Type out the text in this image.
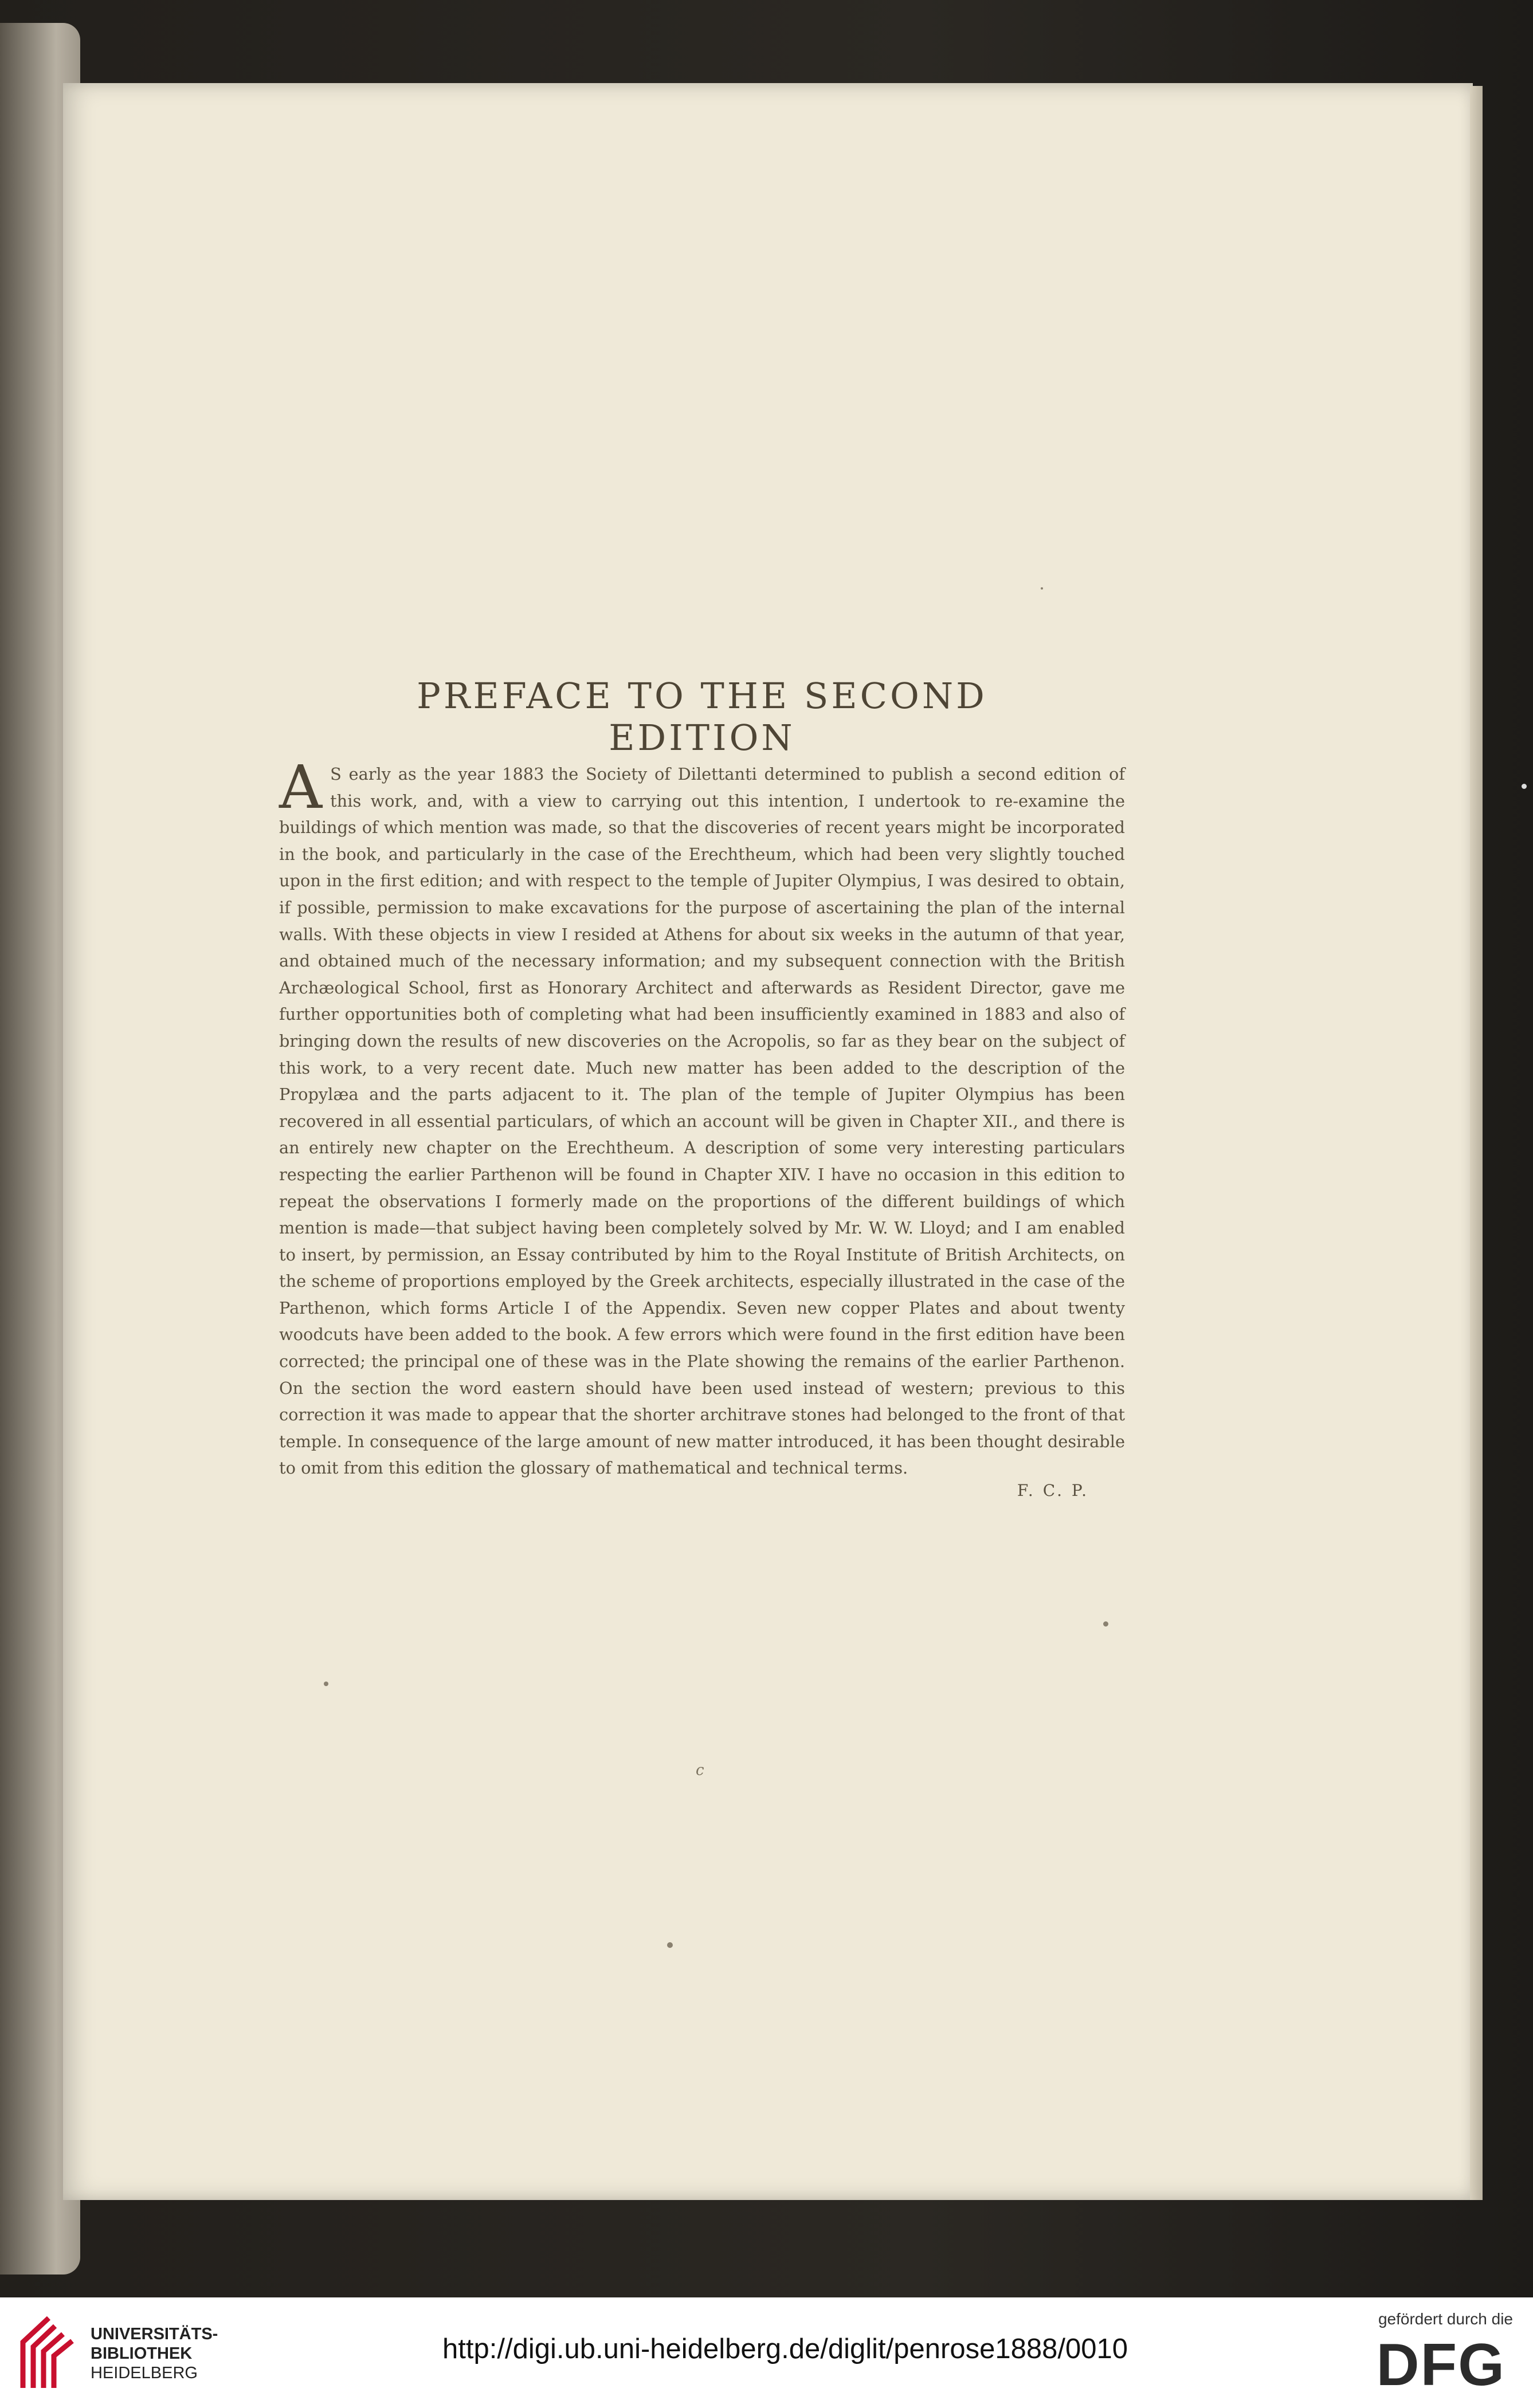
PREFACE TO THE SECOND EDITION

A S early as the year 1883 the Society of Dilettanti determined to publish a second edition of this work, and, with a view to carrying out this intention, I undertook to re-examine the buildings of which mention was made, so that the discoveries of recent years might be incorporated in the book, and particularly in the case of the Erechtheum, which had been very slightly touched upon in the first edition; and with respect to the temple of Jupiter Olympius, I was desired to obtain, if possible, permission to make excavations for the purpose of ascertaining the plan of the internal walls. With these objects in view I resided at Athens for about six weeks in the autumn of that year, and obtained much of the necessary information; and my subsequent connection with the British Archæological School, first as Honorary Architect and afterwards as Resident Director, gave me further opportunities both of completing what had been insufficiently examined in 1883 and also of bringing down the results of new discoveries on the Acropolis, so far as they bear on the subject of this work, to a very recent date. Much new matter has been added to the description of the Propylæa and the parts adjacent to it. The plan of the temple of Jupiter Olympius has been recovered in all essential particulars, of which an account will be given in Chapter XII., and there is an entirely new chapter on the Erechtheum. A description of some very interesting particulars respecting the earlier Parthenon will be found in Chapter XIV. I have no occasion in this edition to repeat the observations I formerly made on the proportions of the different buildings of which mention is made—that subject having been completely solved by Mr. W. W. Lloyd; and I am enabled to insert, by permission, an Essay contributed by him to the Royal Institute of British Architects, on the scheme of proportions employed by the Greek architects, especially illustrated in the case of the Parthenon, which forms Article I of the Appendix. Seven new copper Plates and about twenty woodcuts have been added to the book. A few errors which were found in the first edition have been corrected; the principal one of these was in the Plate showing the remains of the earlier Parthenon. On the section the word eastern should have been used instead of western; previous to this correction it was made to appear that the shorter architrave stones had belonged to the front of that temple. In consequence of the large amount of new matter introduced, it has been thought desirable to omit from this edition the glossary of mathematical and technical terms.

F. C. P.
c
UNIVERSITÄTS-
BIBLIOTHEK
HEIDELBERG
http://digi.ub.uni-heidelberg.de/diglit/penrose1888/0010
gefördert durch die
DFG
